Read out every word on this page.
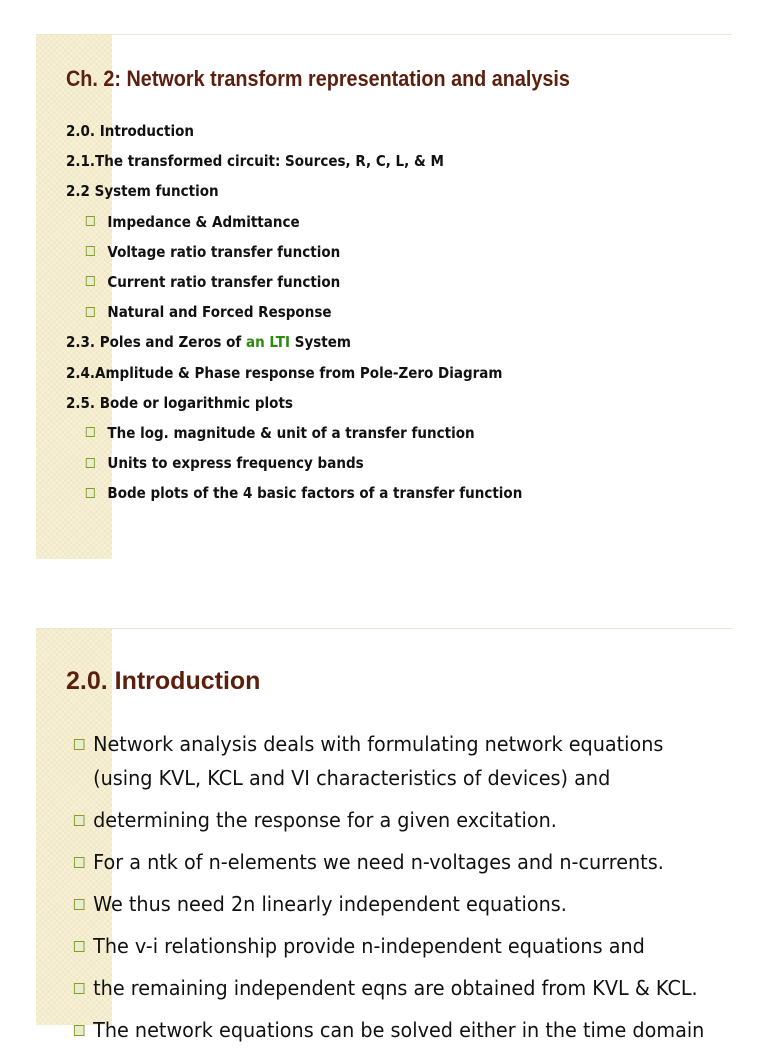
Ch. 2: Network transform representation and analysis
2.0. Introduction
2.1.The transformed circuit: Sources, R, C, L, & M
2.2 System function
Impedance & Admittance
Voltage ratio transfer function
Current ratio transfer function
Natural and Forced Response
2.3. Poles and Zeros of an LTI System
2.4.Amplitude & Phase response from Pole-Zero Diagram
2.5. Bode or logarithmic plots
The log. magnitude & unit of a transfer function
Units to express frequency bands
Bode plots of the 4 basic factors of a transfer function
2.0. Introduction
Network analysis deals with formulating network equations
(using KVL, KCL and VI characteristics of devices) and
determining the response for a given excitation.
For a ntk of n-elements we need n-voltages and n-currents.
We thus need 2n linearly independent equations.
The v-i relationship provide n-independent equations and
the remaining independent eqns are obtained from KVL & KCL.
The network equations can be solved either in the time domain
